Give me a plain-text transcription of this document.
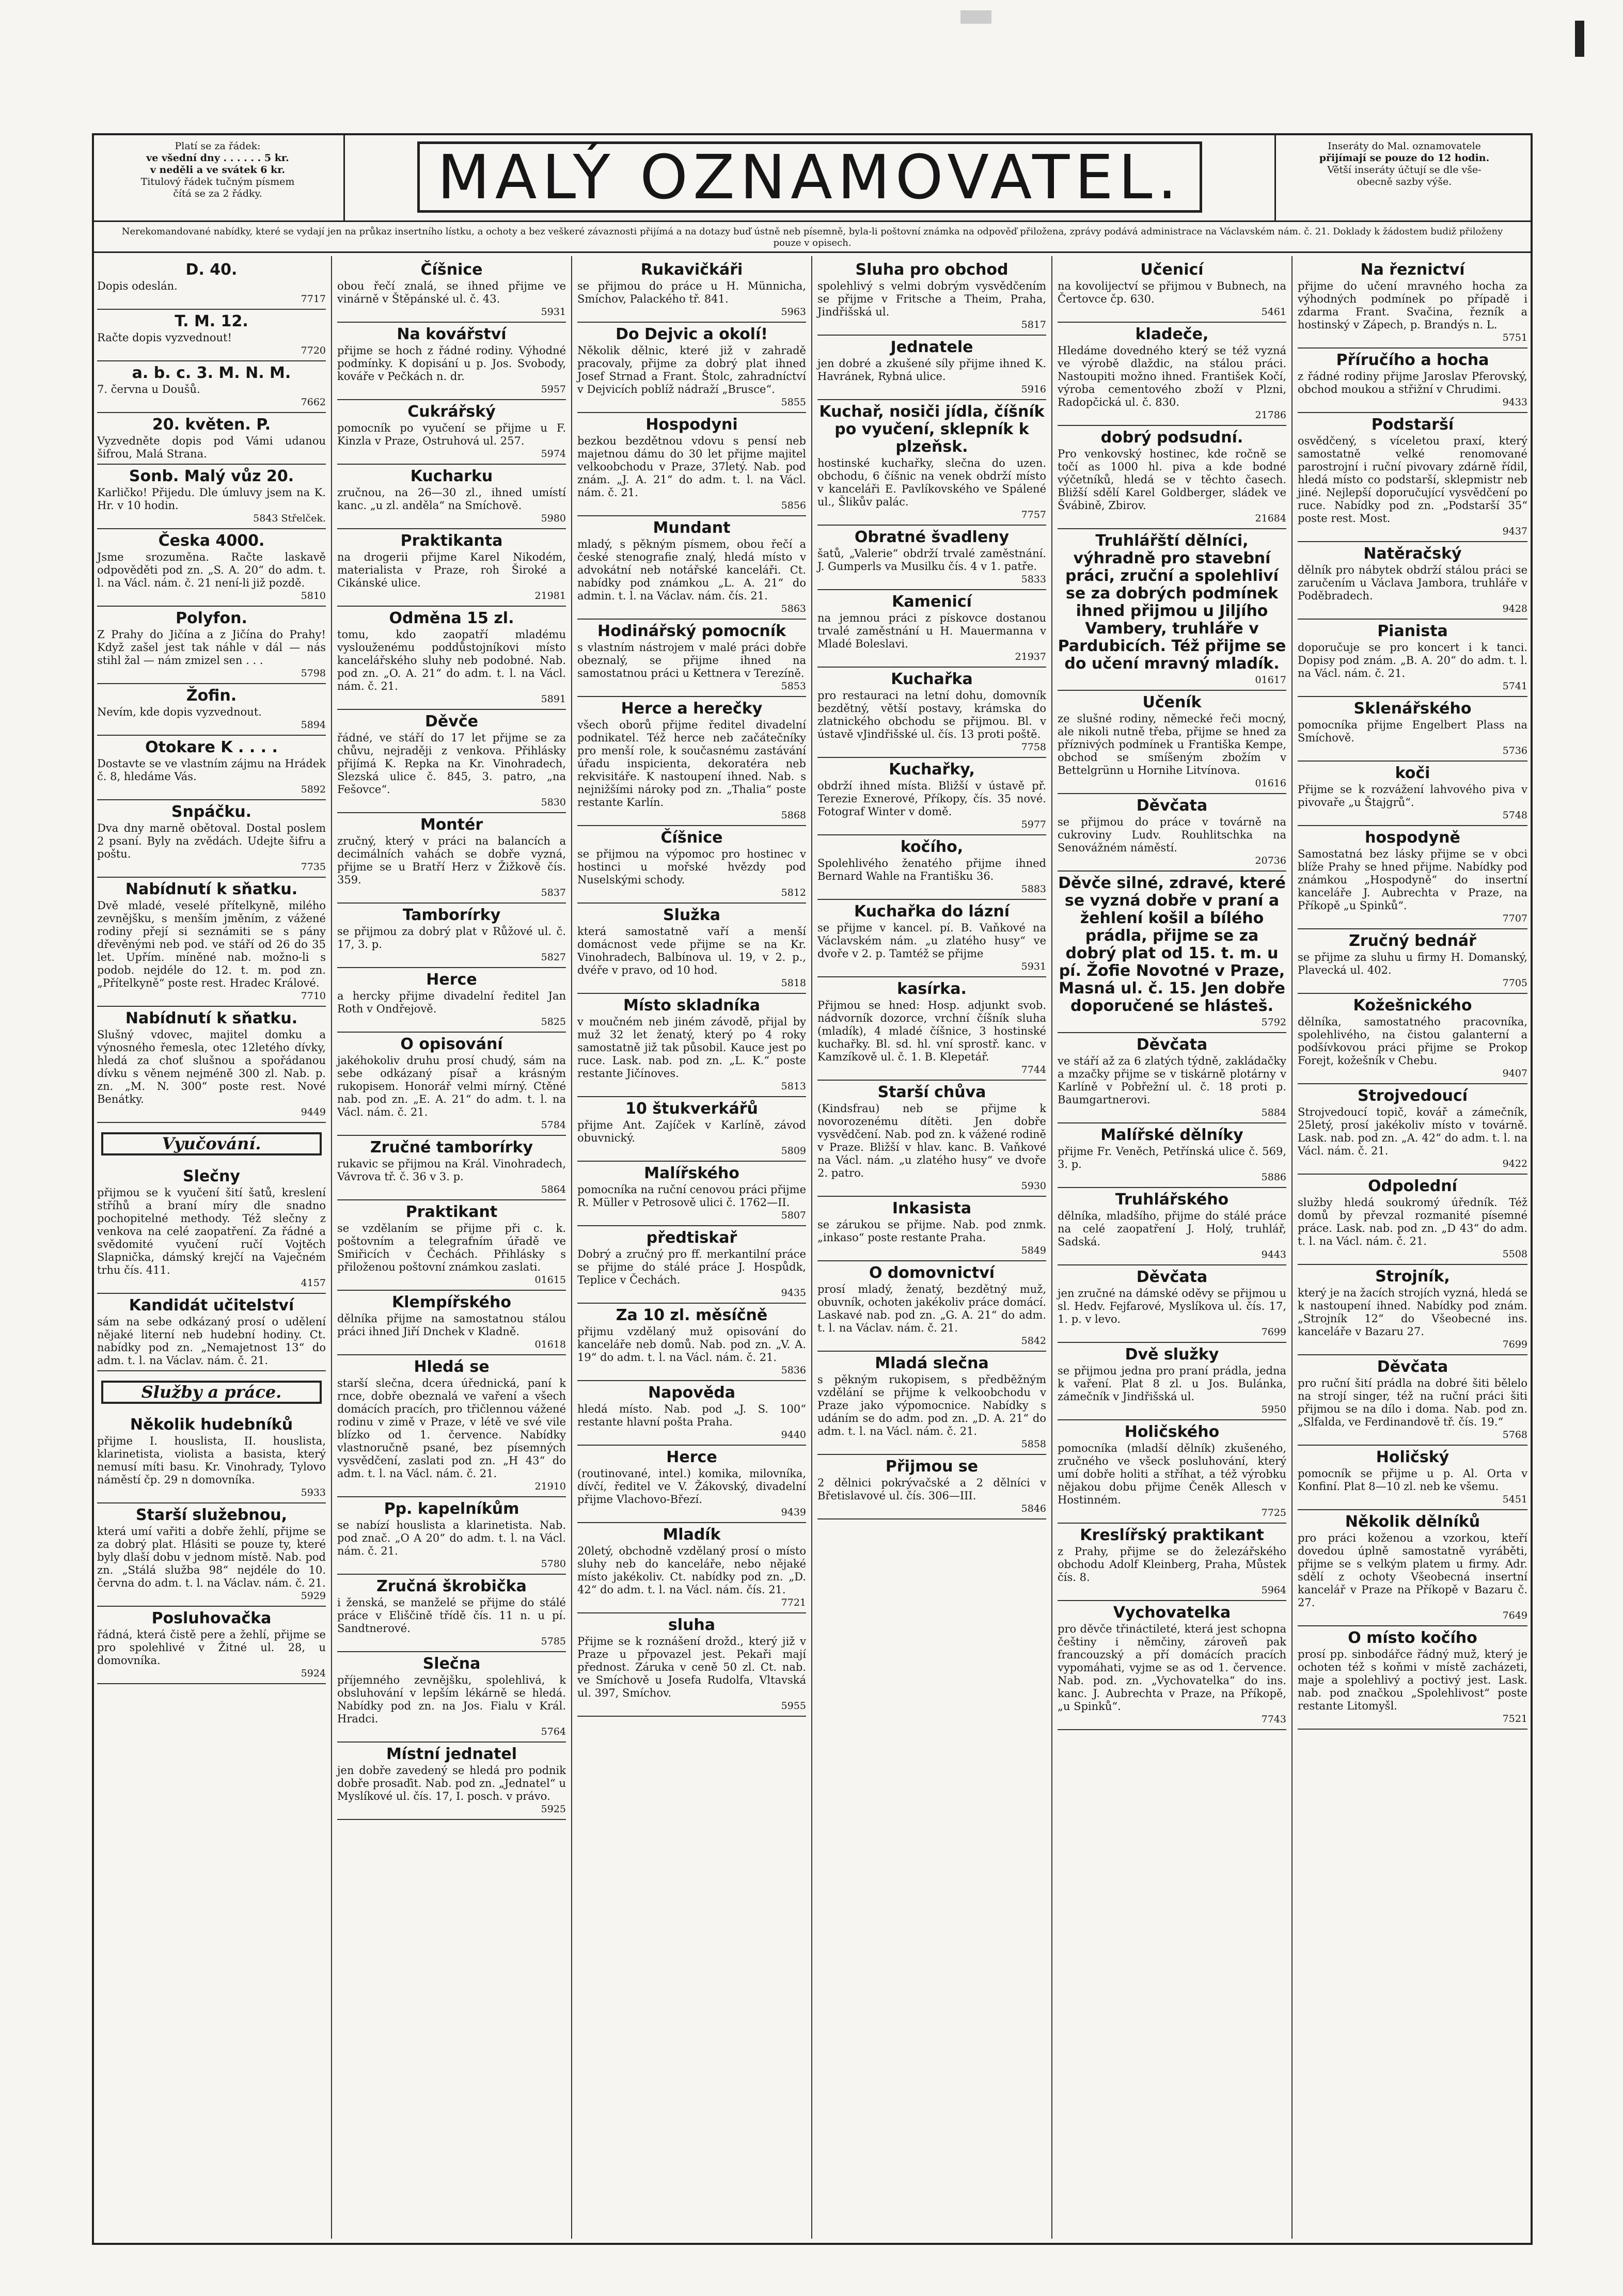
Platí se za řádek:
ve všední dny . . . . . . 5 kr.
v neděli a ve svátek 6 kr.
Titulový řádek tučným písmem
čítá se za 2 řádky.	MALÝ OZNAMOVATEL.	Inseráty do Mal. oznamovatele
přijímají se pouze do 12 hodin.
Větší inseráty účtují se dle vše-
obecně sazby výše.
Nerekomandované nabídky, které se vydají jen na průkaz insertního lístku, a ochoty a bez veškeré závaznosti přijímá a na dotazy buď ústně neb písemně, byla-li poštovní známka na odpověď přiložena, zprávy podává administrace na Václavském nám. č. 21. Doklady k žádostem budiž přiloženy pouze v opisech.
D. 40.

Dopis odeslán.

7717
T. M. 12.

Račte dopis vyzvednout!

7720
a. b. c. 3. M. N. M.

7. června u Doušů.

7662
20. květen. P.

Vyzvedněte dopis pod Vámi udanou šifrou, Malá Strana.

Sonb. Malý vůz 20.

Karličko! Přijedu. Dle úmluvy jsem na K. Hr. v 10 hodin.

5843 Střelček.
Česka 4000.

Jsme srozuměna. Račte laskavě odpověděti pod zn. „S. A. 20“ do adm. t. l. na Václ. nám. č. 21 není-li již pozdě.

5810
Polyfon.

Z Prahy do Jičína a z Jičína do Prahy! Když zašel jest tak náhle v dál — nás stihl žal — nám zmizel sen . . .

5798
Žofin.

Nevím, kde dopis vyzvednout.

5894
Otokare K . . . .

Dostavte se ve vlastním zájmu na Hrádek č. 8, hledáme Vás.

5892
Snpáčku.

Dva dny marně obětoval. Dostal poslem 2 psaní. Byly na zvědách. Udejte šifru a poštu.

7735
Nabídnutí k sňatku.

Dvě mladé, veselé přítelkyně, milého zevnějšku, s menším jměním, z vážené rodiny přejí si seznámiti se s pány dřevěnými neb pod. ve stáří od 26 do 35 let. Upřím. míněné nab. možno-li s podob. nejdéle do 12. t. m. pod zn. „Přítelkyně“ poste rest. Hradec Králové.

7710
Nabídnutí k sňatku.

Slušný vdovec, majitel domku a výnosného řemesla, otec 12letého dívky, hledá za choť slušnou a spořádanou dívku s věnem nejméně 300 zl. Nab. p. zn. „M. N. 300“ poste rest. Nové Benátky.

9449
Vyučování.
Slečny

přijmou se k vyučení šití šatů, kreslení stříhů a braní míry dle snadno pochopitelné methody. Též slečny z venkova na celé zaopatření. Za řádné a svědomité vyučení ručí Vojtěch Slapnička, dámský krejčí na Vaječném trhu čís. 411.

4157
Kandidát učitelství

sám na sebe odkázaný prosí o udělení nějaké literní neb hudební hodiny. Ct. nabídky pod zn. „Nemajetnost 13“ do adm. t. l. na Václav. nám. č. 21.

Služby a práce.
Několik hudebníků

přijme I. houslista, II. houslista, klarinetista, violista a basista, který nemusí míti basu. Kr. Vinohrady, Tylovo náměstí čp. 29 n domovníka.

5933
Starší služebnou,

která umí vařiti a dobře žehlí, přijme se za dobrý plat. Hlásiti se pouze ty, které byly dlaší dobu v jednom místě. Nab. pod zn. „Stálá služba 98“ nejdéle do 10. června do adm. t. l. na Václav. nám. č. 21.

5929
Posluhovačka

řádná, která čistě pere a žehlí, přijme se pro spolehlivé v Žitné ul. 28, u domovníka.

5924
Číšnice

obou řečí znalá, se ihned přijme ve vinárně v Štěpánské ul. č. 43.

5931
Na kovářství

přijme se hoch z řádné rodiny. Výhodné podmínky. K dopisání u p. Jos. Svobody, kováře v Pečkách n. dr.

5957
Cukrářský

pomocník po vyučení se přijme u F. Kinzla v Praze, Ostruhová ul. 257.

5974
Kucharku

zručnou, na 26—30 zl., ihned umístí kanc. „u zl. anděla“ na Smíchově.

5980
Praktikanta

na drogerii přijme Karel Nikodém, materialista v Praze, roh Široké a Cikánské ulice.

21981
Odměna 15 zl.

tomu, kdo zaopatří mladému vyslouženému poddůstojníkovi místo kancelářského sluhy neb podobné. Nab. pod zn. „O. A. 21“ do adm. t. l. na Václ. nám. č. 21.

5891
Děvče

řádné, ve stáří do 17 let přijme se za chůvu, nejraději z venkova. Přihlásky přijímá K. Repka na Kr. Vinohradech, Slezská ulice č. 845, 3. patro, „na Fešovce“.

5830
Montér

zručný, který v práci na balancích a decimálních vahách se dobře vyzná, přijme se u Bratří Herz v Žižkově čís. 359.

5837
Tamborírky

se přijmou za dobrý plat v Růžové ul. č. 17, 3. p.

5827
Herce

a hercky přijme divadelní ředitel Jan Roth v Ondřejově.

5825
O opisování

jakéhokoliv druhu prosí chudý, sám na sebe odkázaný písař a krásným rukopisem. Honorář velmi mírný. Ctěné nab. pod zn. „E. A. 21“ do adm. t. l. na Václ. nám. č. 21.

5784
Zručné tamborírky

rukavic se přijmou na Král. Vinohradech, Vávrova tř. č. 36 v 3. p.

5864
Praktikant

se vzdělaním se přijme při c. k. poštovním a telegrafním úřadě ve Smiřicích v Čechách. Přihlásky s přiloženou poštovní známkou zaslati.

01615
Klempířského

dělníka přijme na samostatnou stálou práci ihned Jiří Dnchek v Kladně.

01618
Hledá se

starší slečna, dcera úřednická, paní k rnce, dobře obeznalá ve vaření a všech domácích pracích, pro třičlennou vážené rodinu v zimě v Praze, v létě ve své vile blízko od 1. července. Nabídky vlastnoručně psané, bez písemných vysvědčení, zaslati pod zn. „H 43“ do adm. t. l. na Václ. nám. č. 21.

21910
Pp. kapelníkům

se nabízí houslista a klarinetista. Nab. pod znač. „O A 20“ do adm. t. l. na Václ. nám. č. 21.

5780
Zručná škrobička

i ženská, se manželé se přijme do stálé práce v Eliščině třídě čís. 11 n. u pí. Sandtnerové.

5785
Slečna

příjemného zevnějšku, spolehlivá, k obsluhování v lepším lékárně se hledá. Nabídky pod zn. na Jos. Fialu v Král. Hradci.

5764
Místní jednatel

jen dobře zavedený se hledá pro podnik dobře prosaďit. Nab. pod zn. „Jednatel“ u Myslíkové ul. čís. 17, I. posch. v právo.

5925
Rukavičkáři

se přijmou do práce u H. Münnicha, Smíchov, Palackého tř. 841.

5963
Do Dejvic a okolí!

Několik dělnic, které již v zahradě pracovaly, přijme za dobrý plat ihned Josef Strnad a Frant. Štolc, zahradníctví v Dejvicích poblíž nádraží „Brusce“.

5855
Hospodyni

bezkou bezdětnou vdovu s pensí neb majetnou dámu do 30 let přijme majitel velkoobchodu v Praze, 37letý. Nab. pod znám. „J. A. 21“ do adm. t. l. na Václ. nám. č. 21.

5856
Mundant

mladý, s pěkným písmem, obou řečí a české stenografie znalý, hledá místo v advokátní neb notářské kanceláři. Ct. nabídky pod známkou „L. A. 21“ do admin. t. l. na Václav. nám. čís. 21.

5863
Hodinářský pomocník

s vlastním nástrojem v malé práci dobře obeznalý, se přijme ihned na samostatnou práci u Kettnera v Terezíně.

5853
Herce a herečky

všech oborů přijme ředitel divadelní podnikatel. Též herce neb začátečníky pro menší role, k současnému zastávání úřadu inspicienta, dekoratéra neb rekvisitáře. K nastoupení ihned. Nab. s nejnižšími nároky pod zn. „Thalia“ poste restante Karlín.

5868
Číšnice

se přijmou na výpomoc pro hostinec v hostinci u mořské hvězdy pod Nuselskými schody.

5812
Služka

která samostatně vaří a menší domácnost vede přijme se na Kr. Vinohradech, Balbínova ul. 19, v 2. p., dvéře v pravo, od 10 hod.

5818
Místo skladníka

v moučném neb jiném závodě, přijal by muž 32 let ženatý, který po 4 roky samostatně již tak působil. Kauce jest po ruce. Lask. nab. pod zn. „L. K.“ poste restante Jičínoves.

5813
10 štukverkářů

přijme Ant. Zajíček v Karlíně, závod obuvnický.

5809
Malířského

pomocníka na ruční cenovou práci přijme R. Müller v Petrosově ulici č. 1762—II.

5807
předtiskař

Dobrý a zručný pro ff. merkantilní práce se přijme do stálé práce J. Hospůdk, Teplice v Čechách.

9435
Za 10 zl. měsíčně

přijmu vzdělaný muž opisování do kanceláře neb domů. Nab. pod zn. „V. A. 19“ do adm. t. l. na Václ. nám. č. 21.

5836
Napověda

hledá místo. Nab. pod „J. S. 100“ restante hlavní pošta Praha.

9440
Herce

(routinované, intel.) komika, milovníka, dívčí, ředitel ve V. Žákovský, divadelní přijme Vlachovo-Březí.

9439
Mladík

20letý, obchodně vzdělaný prosí o místo sluhy neb do kanceláře, nebo nějaké místo jakékoliv. Ct. nabídky pod zn. „D. 42“ do adm. t. l. na Václ. nám. čís. 21.

7721
sluha

Přijme se k roznášení drožd., který již v Praze u přpovazel jest. Pekaři mají přednost. Záruka v ceně 50 zl. Ct. nab. ve Smíchově u Josefa Rudolfa, Vltavská ul. 397, Smíchov.

5955
Sluha pro obchod

spolehlivý s velmi dobrým vysvědčením se přijme v Fritsche a Theim, Praha, Jindřišská ul.

5817
Jednatele

jen dobré a zkušené síly přijme ihned K. Havránek, Rybná ulice.

5916
Kuchař, nosiči jídla, číšník po vyučení, sklepník k plzeňsk.

hostinské kuchařky, slečna do uzen. obchodu, 6 číšnic na venek obdrží místo v kanceláři E. Pavlíkovského ve Spálené ul., Šlikův palác.

7757
Obratné švadleny

šatů, „Valerie“ obdrží trvalé zaměstnání. J. Gumperls va Musilku čís. 4 v 1. patře.

5833
Kamenicí

na jemnou práci z pískovce dostanou trvalé zaměstnání u H. Mauermanna v Mladé Boleslavi.

21937
Kuchařka

pro restauraci na letní dohu, domovník bezdětný, větší postavy, krámska do zlatnického obchodu se přijmou. Bl. v ústavě vJindřišské ul. čís. 13 proti poště.

7758
Kuchařky,

obdrží ihned místa. Bližší v ústavě př. Terezie Exnerové, Příkopy, čís. 35 nové. Fotograf Winter v domě.

5977
kočího,

Spolehlivého ženatého přijme ihned Bernard Wahle na Františku 36.

5883
Kuchařka do lázní

se přijme v kancel. pí. B. Vaňkové na Václavském nám. „u zlatého husy“ ve dvoře v 2. p. Tamtéž se přijme

5931
kasírka.

Přijmou se hned: Hosp. adjunkt svob. nádvorník dozorce, vrchní číšník sluha (mladík), 4 mladé číšnice, 3 hostinské kuchařky. Bl. sd. hl. vní sprostř. kanc. v Kamzíkově ul. č. 1. B. Klepetář.

7744
Starší chůva

(Kindsfrau) neb se přijme k novorozenému dítěti. Jen dobře vysvědčení. Nab. pod zn. k vážené rodině v Praze. Bližší v hlav. kanc. B. Vaňkové na Václ. nám. „u zlatého husy“ ve dvoře 2. patro.

5930
Inkasista

se zárukou se přijme. Nab. pod znmk. „inkaso“ poste restante Praha.

5849
O domovnictví

prosí mladý, ženatý, bezdětný muž, obuvník, ochoten jakékoliv práce domácí. Laskavé nab. pod zn. „G. A. 21“ do adm. t. l. na Václav. nám. č. 21.

5842
Mladá slečna

s pěkným rukopisem, s předběžným vzdělání se přijme k velkoobchodu v Praze jako výpomocnice. Nabídky s udáním se do adm. pod zn. „D. A. 21“ do adm. t. l. na Václ. nám. č. 21.

5858
Přijmou se

2 dělnici pokrývačské a 2 dělníci v Břetislavové ul. čís. 306—III.

5846
Učenicí

na kovolijectví se přijmou v Bubnech, na Čertovce čp. 630.

5461
kladeče,

Hledáme dovedného který se též vyzná ve výrobě dlaždic, na stálou práci. Nastoupiti možno ihned. František Kočí, výroba cementového zboží v Plzni, Radopčická ul. č. 830.

21786
dobrý podsudní.

Pro venkovský hostinec, kde ročně se točí as 1000 hl. piva a kde bodné výčetníků, hledá se v těchto časech. Bližší sdělí Karel Goldberger, sládek ve Švábině, Zbirov.

21684
Truhlářští dělníci, výhradně pro stavební práci, zruční a spolehliví se za dobrých podmínek ihned přijmou u Jiljího Vambery, truhláře v Pardubicích. Též přijme se do učení mravný mladík.
01617
Učeník

ze slušné rodiny, německé řeči mocný, ale nikoli nutně třeba, přijme se hned za příznivých podmínek u Františka Kempe, obchod se smíšeným zbožím v Bettelgrünn u Hornihe Litvínova.

01616
Děvčata

se přijmou do práce v továrně na cukroviny Ludv. Rouhlitschka na Senovážném náměstí.

20736
Děvče silné, zdravé, které se vyzná dobře v praní a žehlení košil a bílého prádla, přijme se za dobrý plat od 15. t. m. u pí. Žofie Novotné v Praze, Masná ul. č. 15. Jen dobře doporučené se hlásteš.
5792
Děvčata

ve stáří až za 6 zlatých týdně, zakládačky a mzačky přijme se v tiskárně plotárny v Karlíně v Pobřežní ul. č. 18 proti p. Baumgartnerovi.

5884
Malířské dělníky

přijme Fr. Veněch, Petřínská ulice č. 569, 3. p.

5886
Truhlářského

dělníka, mladšího, přijme do stálé práce na celé zaopatření J. Holý, truhlář, Sadská.

9443
Děvčata

jen zručné na dámské oděvy se přijmou u sl. Hedv. Fejfarové, Myslíkova ul. čís. 17, 1. p. v levo.

7699
Dvě služky

se přijmou jedna pro praní prádla, jedna k vaření. Plat 8 zl. u Jos. Bulánka, zámečník v Jindřišská ul.

5950
Holičského

pomocníka (mladší dělník) zkušeného, zručného ve všeck posluhování, který umí dobře holiti a stříhat, a též výrobku nějakou dobu přijme Čeněk Allesch v Hostinném.

7725
Kreslířský praktikant

z Prahy, přijme se do železářského obchodu Adolf Kleinberg, Praha, Můstek čís. 8.

5964
Vychovatelka

pro děvče třináctileté, která jest schopna češtiny i němčiny, zároveň pak francouzský a pří domácích pracích vypomáhati, vyjme se as od 1. července. Nab. pod. zn. „Vychovatelka“ do ins. kanc. J. Aubrechta v Praze, na Příkopě, „u Spinků“.

7743
Na řeznictví

přijme do učení mravného hocha za výhodných podmínek po případě i zdarma Frant. Svačina, řezník a hostinský v Zápech, p. Brandýs n. L.

5751
Příručího a hocha

z řádné rodiny přijme Jaroslav Pferovský, obchod moukou a střižní v Chrudimi.

9433
Podstarší

osvědčený, s víceletou praxí, který samostatně velké renomované parostrojní i ruční pivovary zdárně řídil, hledá místo co podstarší, sklepmistr neb jiné. Nejlepší doporučující vysvědčení po ruce. Nabídky pod zn. „Podstarší 35“ poste rest. Most.

9437
Natěračský

dělník pro nábytek obdrží stálou práci se zaručením u Václava Jambora, truhláře v Poděbradech.

9428
Pianista

doporučuje se pro koncert i k tanci. Dopisy pod znám. „B. A. 20“ do adm. t. l. na Václ. nám. č. 21.

5741
Sklenářského

pomocníka přijme Engelbert Plass na Smíchově.

5736
koči

Přijme se k rozvážení lahvového piva v pivovaře „u Štajgrů“.

5748
hospodyně

Samostatná bez lásky přijme se v obci blíže Prahy se hned přijme. Nabídky pod známkou „Hospodyně“ do insertní kanceláře J. Aubrechta v Praze, na Příkopě „u Spinků“.

7707
Zručný bednář

se přijme za sluhu u firmy H. Domanský, Plavecká ul. 402.

7705
Kožešnického

dělníka, samostatného pracovníka, spolehlivého, na čistou galanterní a podšívkovou práci přijme se Prokop Forejt, kožešník v Chebu.

9407
Strojvedoucí

Strojvedoucí topič, kovář a zámečník, 25letý, prosí jakékoliv místo v továrně. Lask. nab. pod zn. „A. 42“ do adm. t. l. na Václ. nám. č. 21.

9422
Odpolední

služby hledá soukromý úředník. Též domů by převzal rozmanité písemné práce. Lask. nab. pod zn. „D 43“ do adm. t. l. na Václ. nám. č. 21.

5508
Strojník,

který je na žacích strojích vyzná, hledá se k nastoupení ihned. Nabídky pod znám. „Strojník 12“ do Všeobecné ins. kanceláře v Bazaru 27.

7699
Děvčata

pro ruční šití prádla na dobré šiti bělelo na strojí singer, též na ruční práci šiti přijmou se na dílo i doma. Nab. pod zn. „Slfalda, ve Ferdinandově tř. čís. 19.“

5768
Holičský

pomocník se přijme u p. Al. Orta v Konfiní. Plat 8—10 zl. neb ke všemu.

5451
Několik dělníků

pro práci koženou a vzorkou, kteří dovedou úplně samostatně vyráběti, přijme se s velkým platem u firmy. Adr. sdělí z ochoty Všeobecná insertní kancelář v Praze na Příkopě v Bazaru č. 27.

7649
O místo kočího

prosí pp. sinbodářce řádný muž, který je ochoten též s koňmi v místě zacházeti, maje a spolehlivý a poctivý jest. Lask. nab. pod značkou „Spolehlivost“ poste restante Litomyšl.

7521
